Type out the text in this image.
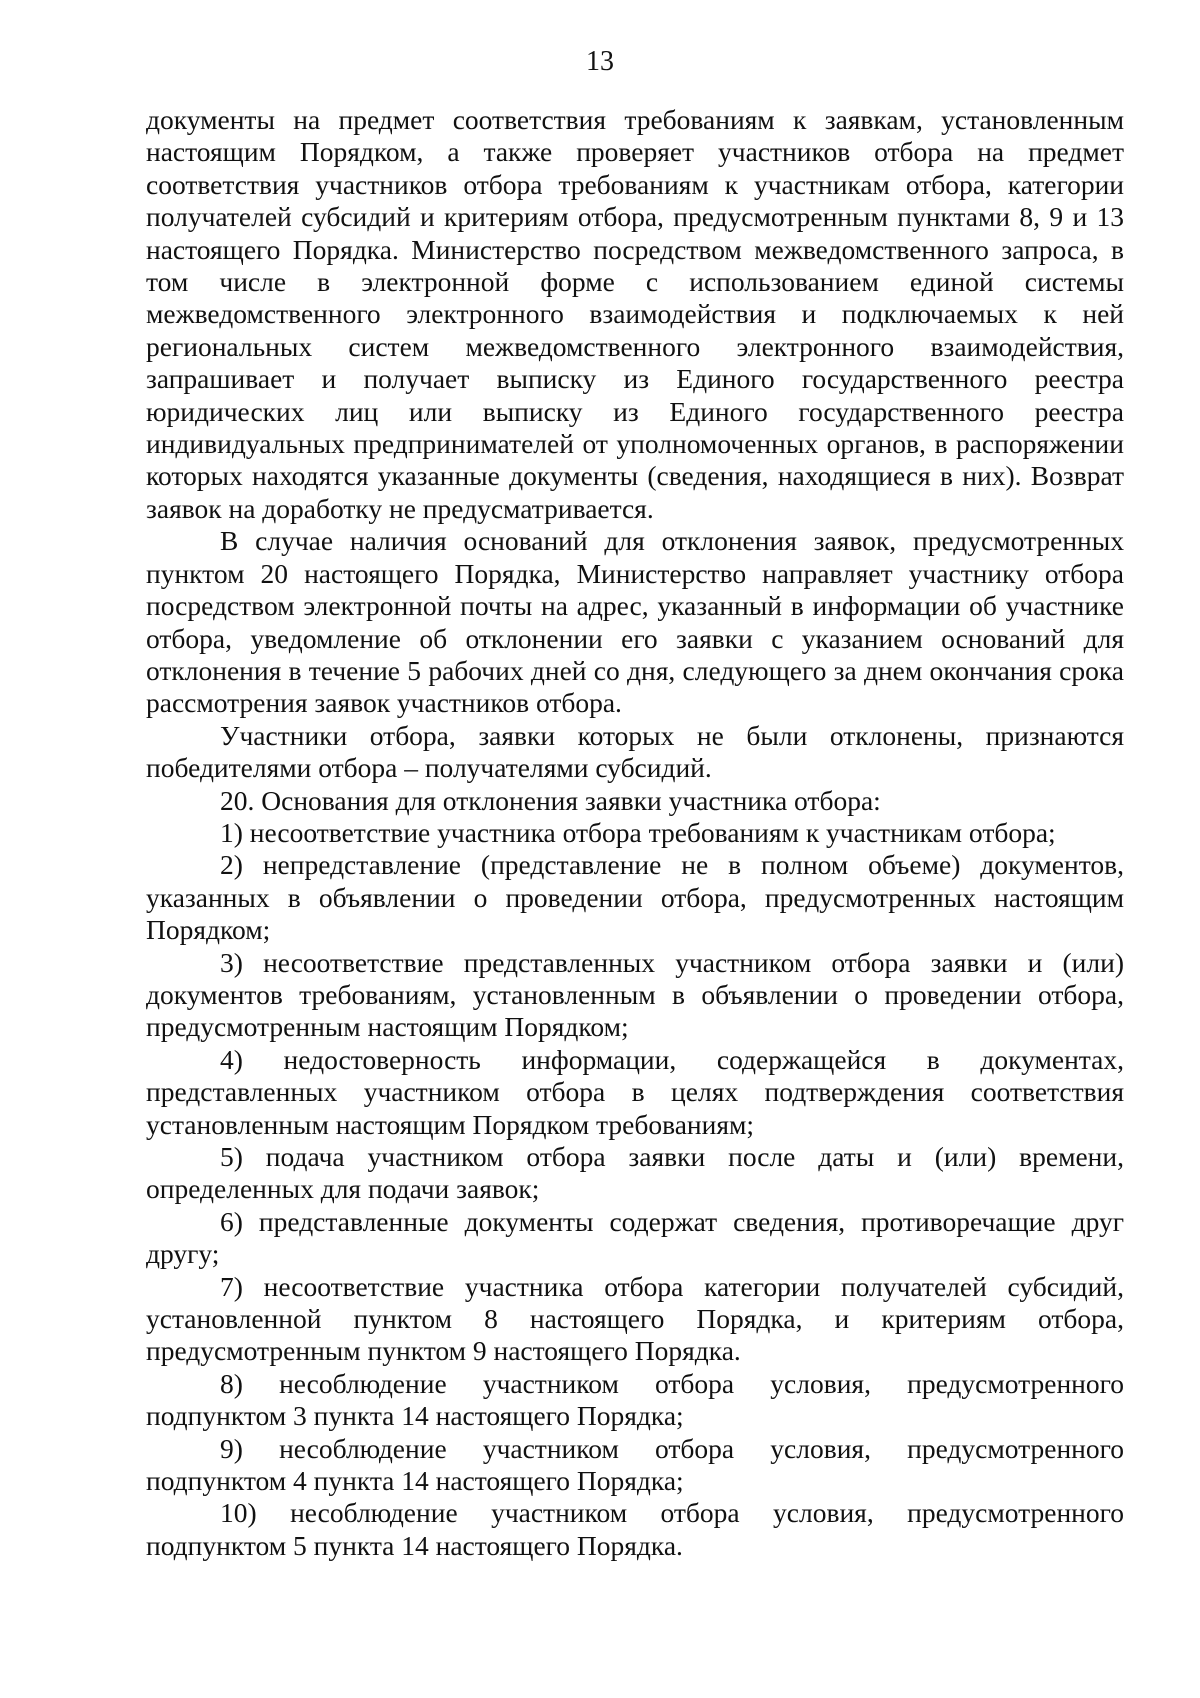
13

документы на предмет соответствия требованиям к заявкам, установленным настоящим Порядком, а также проверяет участников отбора на предмет соответствия участников отбора требованиям к участникам отбора, категории получателей субсидий и критериям отбора, предусмотренным пунктами 8, 9 и 13 настоящего Порядка. Министерство посредством межведомственного запроса, в том числе в электронной форме с использованием единой системы межведомственного электронного взаимодействия и подключаемых к ней региональных систем межведомственного электронного взаимодействия, запрашивает и получает выписку из Единого государственного реестра юридических лиц или выписку из Единого государственного реестра индивидуальных предпринимателей от уполномоченных органов, в распоряжении которых находятся указанные документы (сведения, находящиеся в них). Возврат заявок на доработку не предусматривается.

В случае наличия оснований для отклонения заявок, предусмотренных пунктом 20 настоящего Порядка, Министерство направляет участнику отбора посредством электронной почты на адрес, указанный в информации об участнике отбора, уведомление об отклонении его заявки с указанием оснований для отклонения в течение 5 рабочих дней со дня, следующего за днем окончания срока рассмотрения заявок участников отбора.

Участники отбора, заявки которых не были отклонены, признаются победителями отбора – получателями субсидий.

20. Основания для отклонения заявки участника отбора:

1) несоответствие участника отбора требованиям к участникам отбора;

2) непредставление (представление не в полном объеме) документов, указанных в объявлении о проведении отбора, предусмотренных настоящим Порядком;

3) несоответствие представленных участником отбора заявки и (или) документов требованиям, установленным в объявлении о проведении отбора, предусмотренным настоящим Порядком;

4) недостоверность информации, содержащейся в документах, представленных участником отбора в целях подтверждения соответствия установленным настоящим Порядком требованиям;

5) подача участником отбора заявки после даты и (или) времени, определенных для подачи заявок;

6) представленные документы содержат сведения, противоречащие друг другу;

7) несоответствие участника отбора категории получателей субсидий, установленной пунктом 8 настоящего Порядка, и критериям отбора, предусмотренным пунктом 9 настоящего Порядка.

8) несоблюдение участником отбора условия, предусмотренного подпунктом 3 пункта 14 настоящего Порядка;

9) несоблюдение участником отбора условия, предусмотренного подпунктом 4 пункта 14 настоящего Порядка;

10) несоблюдение участником отбора условия, предусмотренного подпунктом 5 пункта 14 настоящего Порядка.
